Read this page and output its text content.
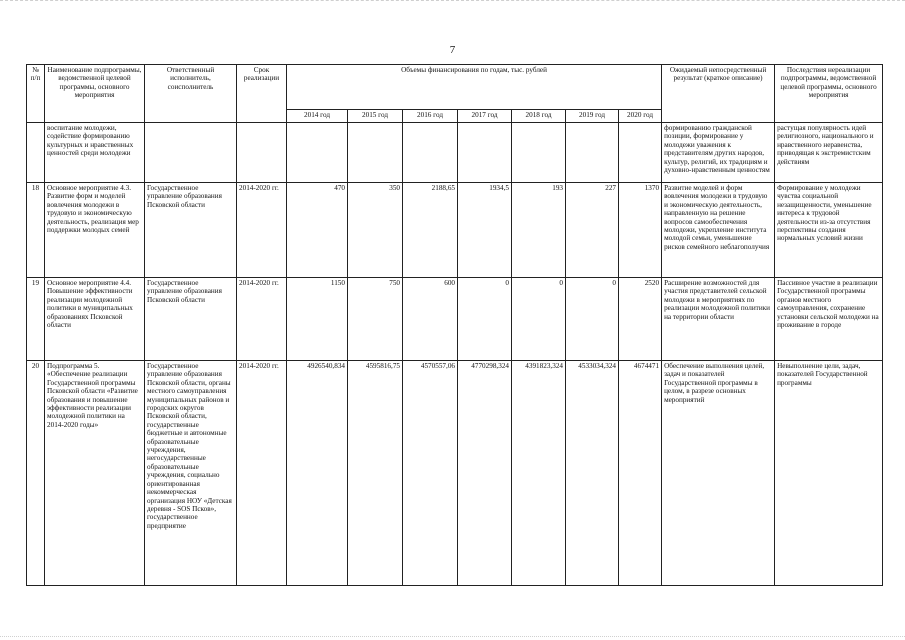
7
№ п/п	Наименование подпрограммы, ведомственной целевой программы, основного мероприятия	Ответственный исполнитель, соисполнитель	Срок реализации	Объемы финансирования по годам, тыс. рублей							Ожидаемый непосредственный результат (краткое описание)	Последствия нереализации подпрограммы, ведомственной целевой программы, основного мероприятия
				2014 год	2015 год	2016 год	2017 год	2018 год	2019 год	2020 год		
	воспитание молодежи, содействие формированию культурных и нравственных ценностей среди молодежи										формированию гражданской позиции, формирование у молодежи уважения к представителям других народов, культур, религий, их традициям и духовно-нравственным ценностям	растущая популярность идей религиозного, национального и нравственного неравенства, приводящая к экстремистским действиям
18	Основное мероприятие 4.3. Развитие форм и моделей вовлечения молодежи в трудовую и экономическую деятельность, реализация мер поддержки молодых семей	Государственное управление образования Псковской области	2014-2020 гг.	470	350	2188,65	1934,5	193	227	1370	Развитие моделей и форм вовлечения молодежи в трудовую и экономическую деятельность, направленную на решение вопросов самообеспечения молодежи, укрепление института молодой семьи, уменьшение рисков семейного неблагополучия	Формирование у молодежи чувства социальной незащищенности, уменьшение интереса к трудовой деятельности из-за отсутствия перспективы создания нормальных условий жизни
19	Основное мероприятие 4.4. Повышение эффективности реализации молодежной политики в муниципальных образованиях Псковской области	Государственное управление образования Псковской области	2014-2020 гг.	1150	750	600	0	0	0	2520	Расширение возможностей для участия представителей сельской молодежи в мероприятиях по реализации молодежной политики на территории области	Пассивное участие в реализации Государственной программы органов местного самоуправления, сохранение установки сельской молодежи на проживание в городе
20	Подпрограмма 5. «Обеспечение реализации Государственной программы Псковской области «Развитие образования и повышение эффективности реализации молодежной политики на 2014-2020 годы»	Государственное управление образования Псковской области, органы местного самоуправления муниципальных районов и городских округов Псковской области, государственные бюджетные и автономные образовательные учреждения, негосударственные образовательные учреждения, социально ориентированная некоммерческая организация НОУ «Детская деревня - SOS Псков», государственное предприятие	2014-2020 гг.	4926540,834	4595816,75	4570557,06	4770298,324	4391823,324	4533034,324	4674471	Обеспечение выполнения целей, задач и показателей Государственной программы в целом, в разрезе основных мероприятий	Невыполнение цели, задач, показателей Государственной программы
